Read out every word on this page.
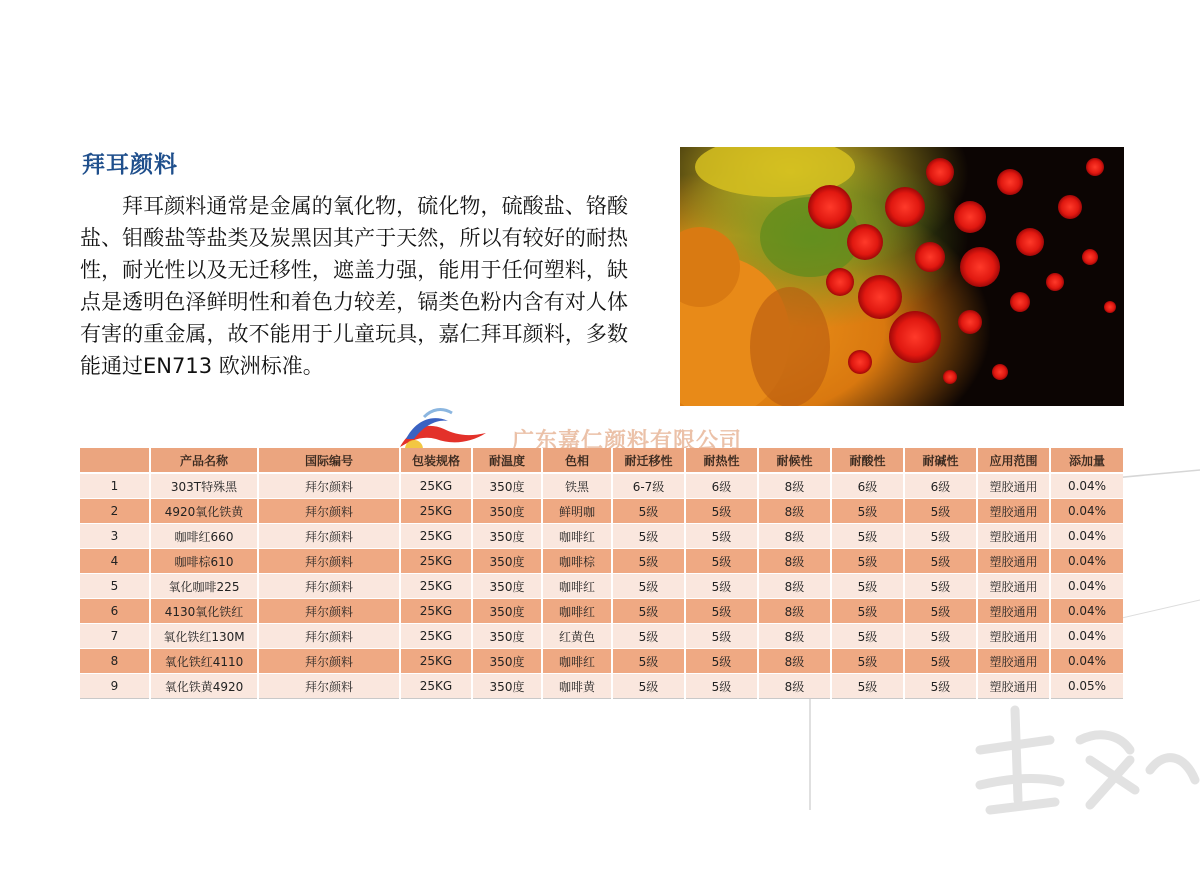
拜耳颜料

拜耳颜料通常是金属的氧化物，硫化物，硫酸盐、铬酸盐、钼酸盐等盐类及炭黑因其产于天然，所以有较好的耐热性，耐光性以及无迁移性，遮盖力强，能用于任何塑料，缺点是透明色泽鲜明性和着色力较差，镉类色粉内含有对人体有害的重金属，故不能用于儿童玩具，嘉仁拜耳颜料，多数能通过EN713 欧洲标准。

广东嘉仁颜料有限公司
	产品名称	国际编号	包装规格	耐温度	色相	耐迁移性	耐热性	耐候性	耐酸性	耐碱性	应用范围	添加量
1	303T特殊黑	拜尔颜料	25KG	350度	铁黑	6-7级	6级	8级	6级	6级	塑胶通用	0.04%
2	4920氧化铁黄	拜尔颜料	25KG	350度	鲜明咖	5级	5级	8级	5级	5级	塑胶通用	0.04%
3	咖啡红660	拜尔颜料	25KG	350度	咖啡红	5级	5级	8级	5级	5级	塑胶通用	0.04%
4	咖啡棕610	拜尔颜料	25KG	350度	咖啡棕	5级	5级	8级	5级	5级	塑胶通用	0.04%
5	氧化咖啡225	拜尔颜料	25KG	350度	咖啡红	5级	5级	8级	5级	5级	塑胶通用	0.04%
6	4130氧化铁红	拜尔颜料	25KG	350度	咖啡红	5级	5级	8级	5级	5级	塑胶通用	0.04%
7	氧化铁红130M	拜尔颜料	25KG	350度	红黄色	5级	5级	8级	5级	5级	塑胶通用	0.04%
8	氧化铁红4110	拜尔颜料	25KG	350度	咖啡红	5级	5级	8级	5级	5级	塑胶通用	0.04%
9	氧化铁黄4920	拜尔颜料	25KG	350度	咖啡黄	5级	5级	8级	5级	5级	塑胶通用	0.05%
